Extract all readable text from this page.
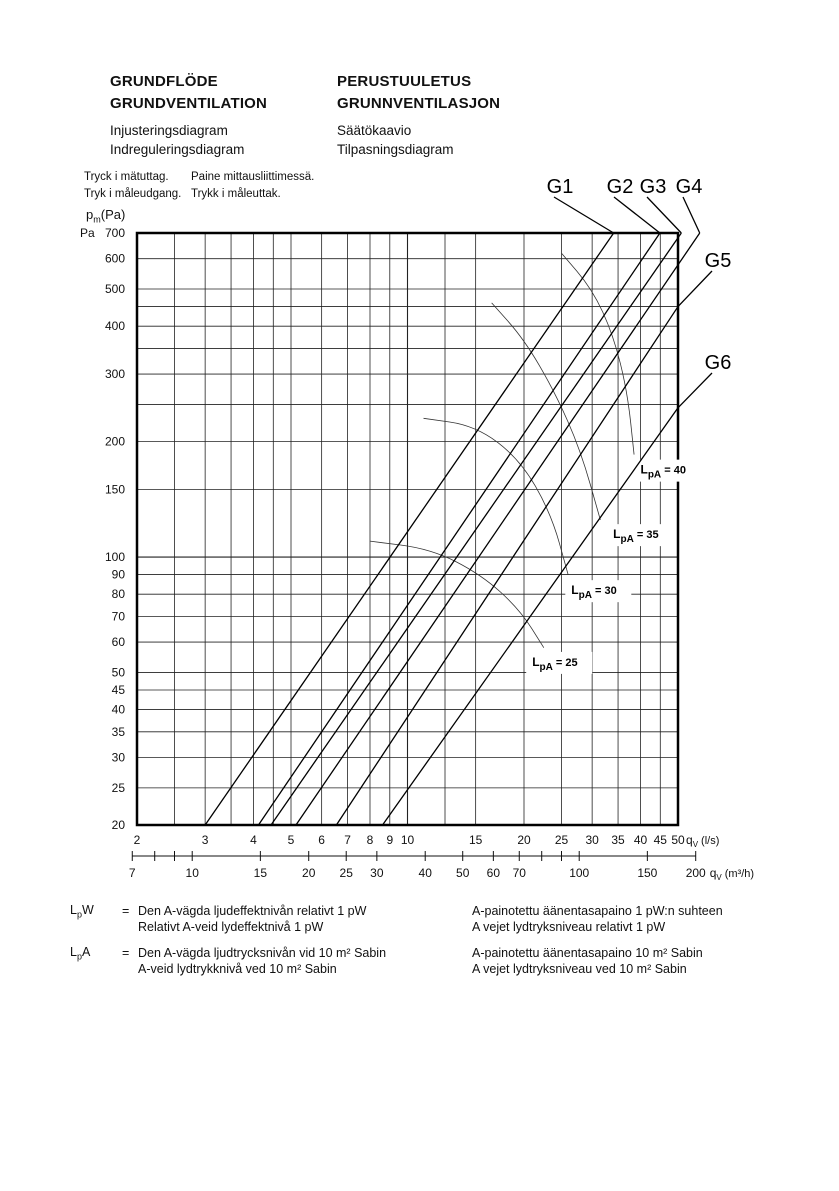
GRUNDFLÖDE
GRUNDVENTILATION
PERUSTUULETUS
GRUNNVENTILASJON
Injusteringsdiagram
Indreguleringsdiagram
Säätökaavio
Tilpasningsdiagram
Tryck i mätuttag.
Tryk i måleudgang.
Paine mittausliittimessä.
Trykk i måleuttak.
$p_m(Pa)$
Pa
$L_{pA} = 25$
$L_{pA} = 30$
$L_{pA} = 35$
$L_{pA} = 40$
G1 G2 G3 G4
G5
G6
20
25
30
35
40
45
50
60
70
80
90
100
150
200
300
400
500
600
700
2	3	4	5 6 7 8 9 10	15	20 25 30 35 40 45 50 $q_V$ (l/s)
7	10	15	20 25 30	40 50 60 70	100	150 200 $q_V$ (m³/h)
$L_pW$ = Den A-vägda ljudeffektnivån relativt 1 pW
Relativt A-veid lydeffektnivå 1 pW
A-painotettu äänentasapaino 1 pW:n suhteen
A vejet lydtryksniveau relativt 1 pW
$L_pA$	= Den A-vägda ljudtrycksnivån vid 10 m² Sabin
A-veid lydtrykknivå ved 10 m² Sabin
A-painotettu äänentasapaino 10 m² Sabin
A vejet lydtryksniveau ved 10 m² Sabin
